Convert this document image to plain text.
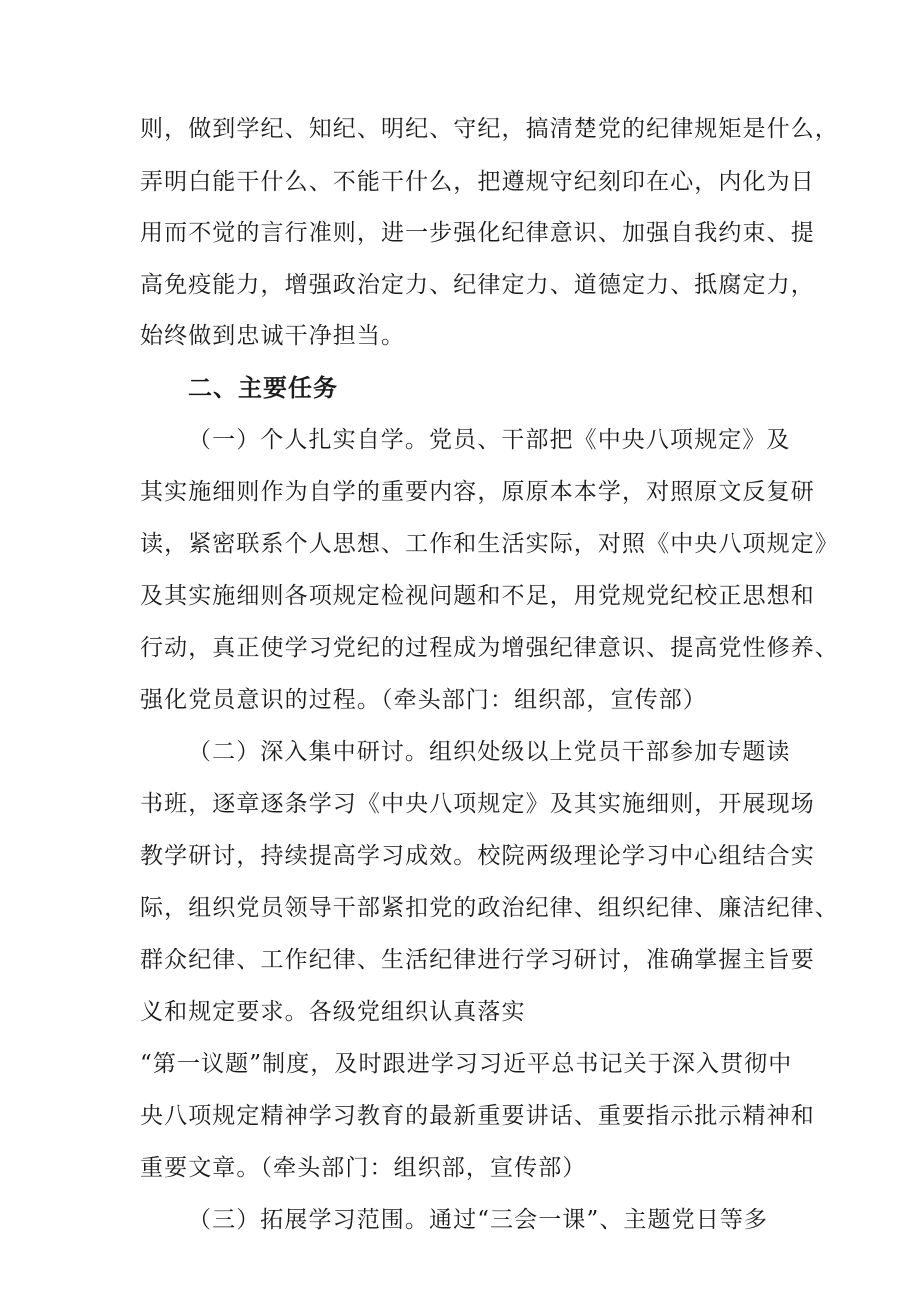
则，做到学纪、知纪、明纪、守纪，搞清楚党的纪律规矩是什么，
弄明白能干什么、不能干什么，把遵规守纪刻印在心，内化为日
用而不觉的言行准则，进一步强化纪律意识、加强自我约束、提
高免疫能力，增强政治定力、纪律定力、道德定力、抵腐定力，
始终做到忠诚干净担当。
二、主要任务
（一）个人扎实自学。党员、干部把《中央八项规定》及
其实施细则作为自学的重要内容，原原本本学，对照原文反复研
读，紧密联系个人思想、工作和生活实际，对照《中央八项规定》
及其实施细则各项规定检视问题和不足，用党规党纪校正思想和
行动，真正使学习党纪的过程成为增强纪律意识、提高党性修养、
强化党员意识的过程。（牵头部门：组织部，宣传部）
（二）深入集中研讨。组织处级以上党员干部参加专题读
书班，逐章逐条学习《中央八项规定》及其实施细则，开展现场
教学研讨，持续提高学习成效。校院两级理论学习中心组结合实
际，组织党员领导干部紧扣党的政治纪律、组织纪律、廉洁纪律、
群众纪律、工作纪律、生活纪律进行学习研讨，准确掌握主旨要
义和规定要求。各级党组织认真落实
“第一议题”制度，及时跟进学习习近平总书记关于深入贯彻中
央八项规定精神学习教育的最新重要讲话、重要指示批示精神和
重要文章。（牵头部门：组织部，宣传部）
（三）拓展学习范围。通过“三会一课”、主题党日等多
